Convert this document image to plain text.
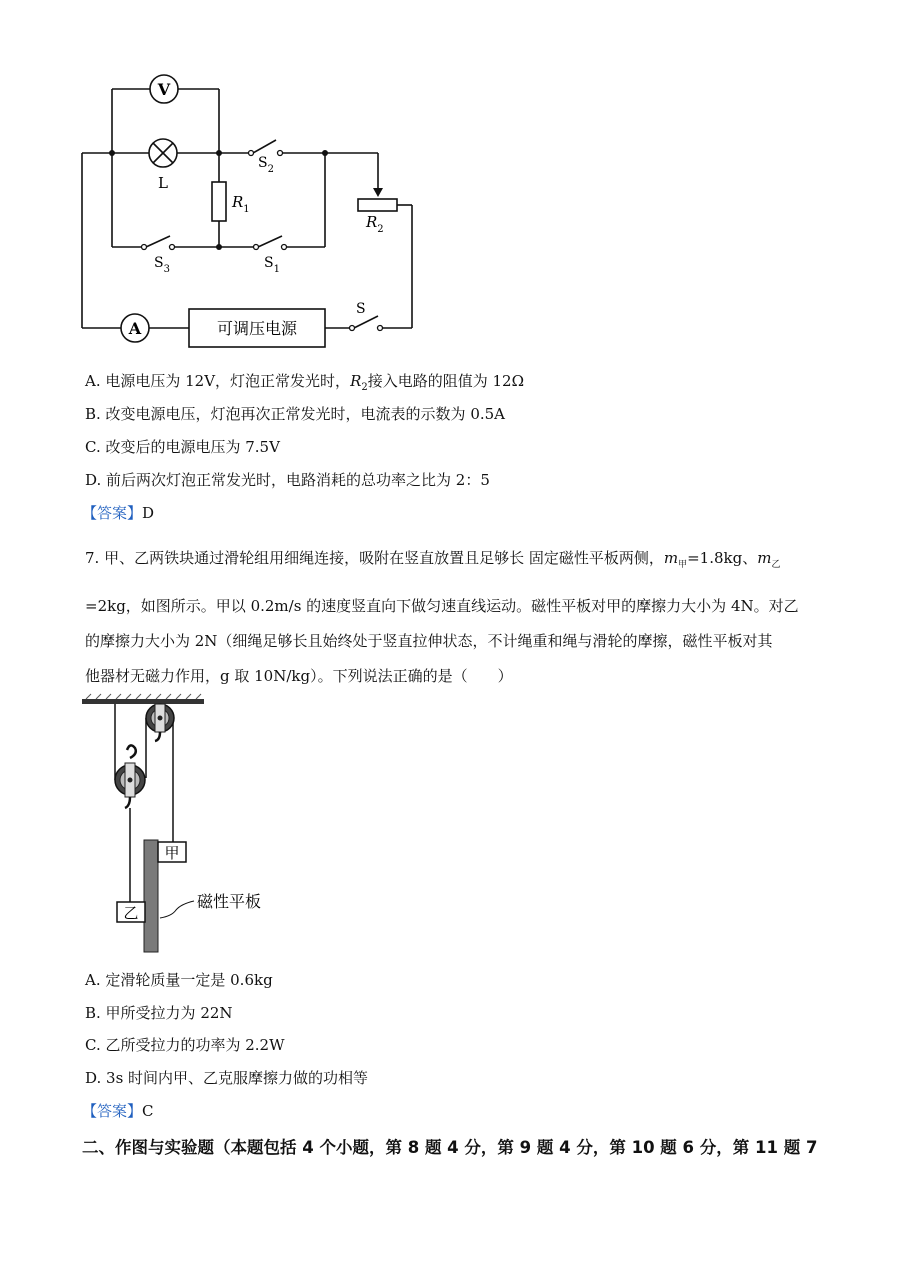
V
L
$R_1$
$R_2$
$S_2$
$S_3$	$S_1$
S
A	可调压电源
A. 电源电压为 12V，灯泡正常发光时，$R_2$接入电路的阻值为 12Ω
B. 改变电源电压，灯泡再次正常发光时，电流表的示数为 0.5A
C. 改变后的电源电压为 7.5V
D. 前后两次灯泡正常发光时，电路消耗的总功率之比为 2：5
【答案】D
7. 甲、乙两铁块通过滑轮组用细绳连接，吸附在竖直放置且足够长 固定磁性平板两侧，$m_甲=1.8kg$、$m_乙$
=2kg，如图所示。甲以 0.2m/s 的速度竖直向下做匀速直线运动。磁性平板对甲的摩擦力大小为 4N。对乙
的摩擦力大小为 2N（细绳足够长且始终处于竖直拉伸状态，不计绳重和绳与滑轮的摩擦，磁性平板对其
他器材无磁力作用，g 取 10N/kg）。下列说法正确的是（　　）
甲
乙
磁性平板
A. 定滑轮质量一定是 0.6kg
B. 甲所受拉力为 22N
C. 乙所受拉力的功率为 2.2W
D. 3s 时间内甲、乙克服摩擦力做的功相等
【答案】C
二、作图与实验题（本题包括 4 个小题，第 8 题 4 分，第 9 题 4 分，第 10 题 6 分，第 11 题 7
